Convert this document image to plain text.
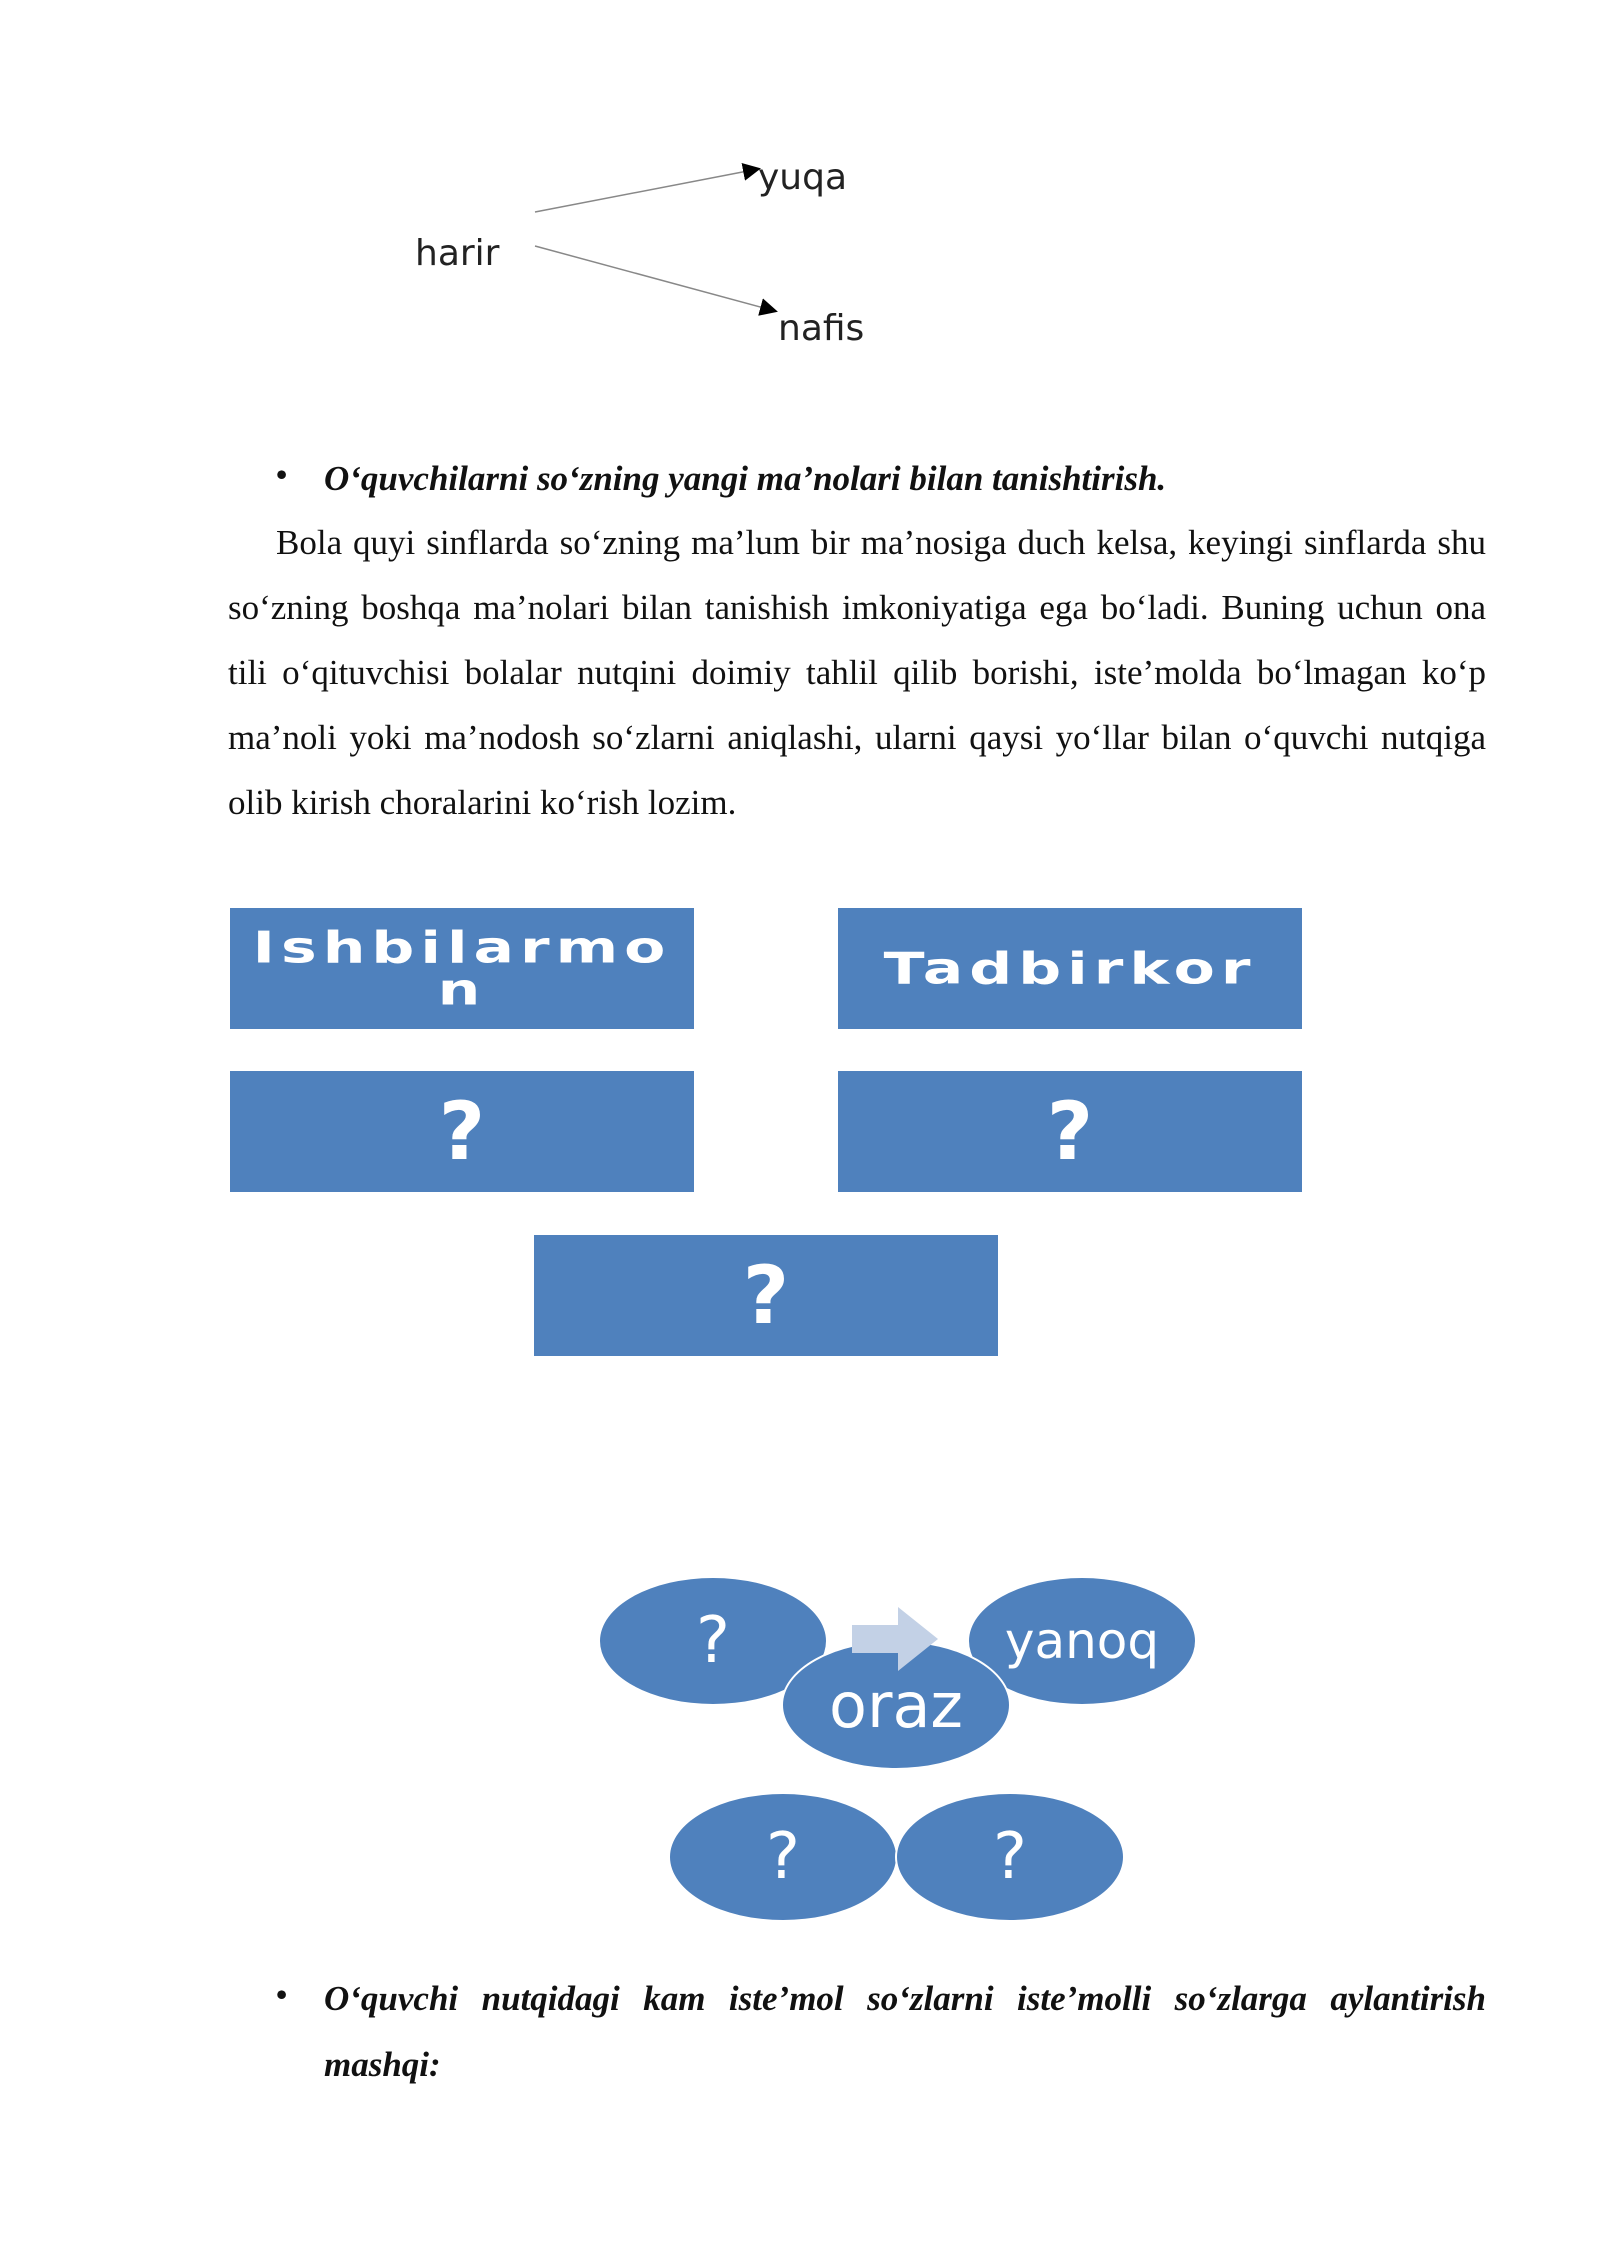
harir
yuqa
nafis
• O‘quvchilarni so‘zning yangi ma’nolari bilan tanishtirish.
Bola quyi sinflarda so‘zning ma’lum bir ma’nosiga duch kelsa, keyingi sinflarda shu so‘zning boshqa ma’nolari bilan tanishish imkoniyatiga ega bo‘ladi. Buning uchun ona tili o‘qituvchisi bolalar nutqini doimiy tahlil qilib borishi, iste’molda bo‘lmagan ko‘p ma’noli yoki ma’nodosh so‘zlarni aniqlashi, ularni qaysi yo‘llar bilan o‘quvchi nutqiga olib kirish choralarini ko‘rish lozim.
Ishbilarmon	Tadbirkor
?	?
?
?	yanoq
oraz
?	?
• O‘quvchi nutqidagi kam iste’mol so‘zlarni iste’molli so‘zlarga aylantirish
mashqi:
